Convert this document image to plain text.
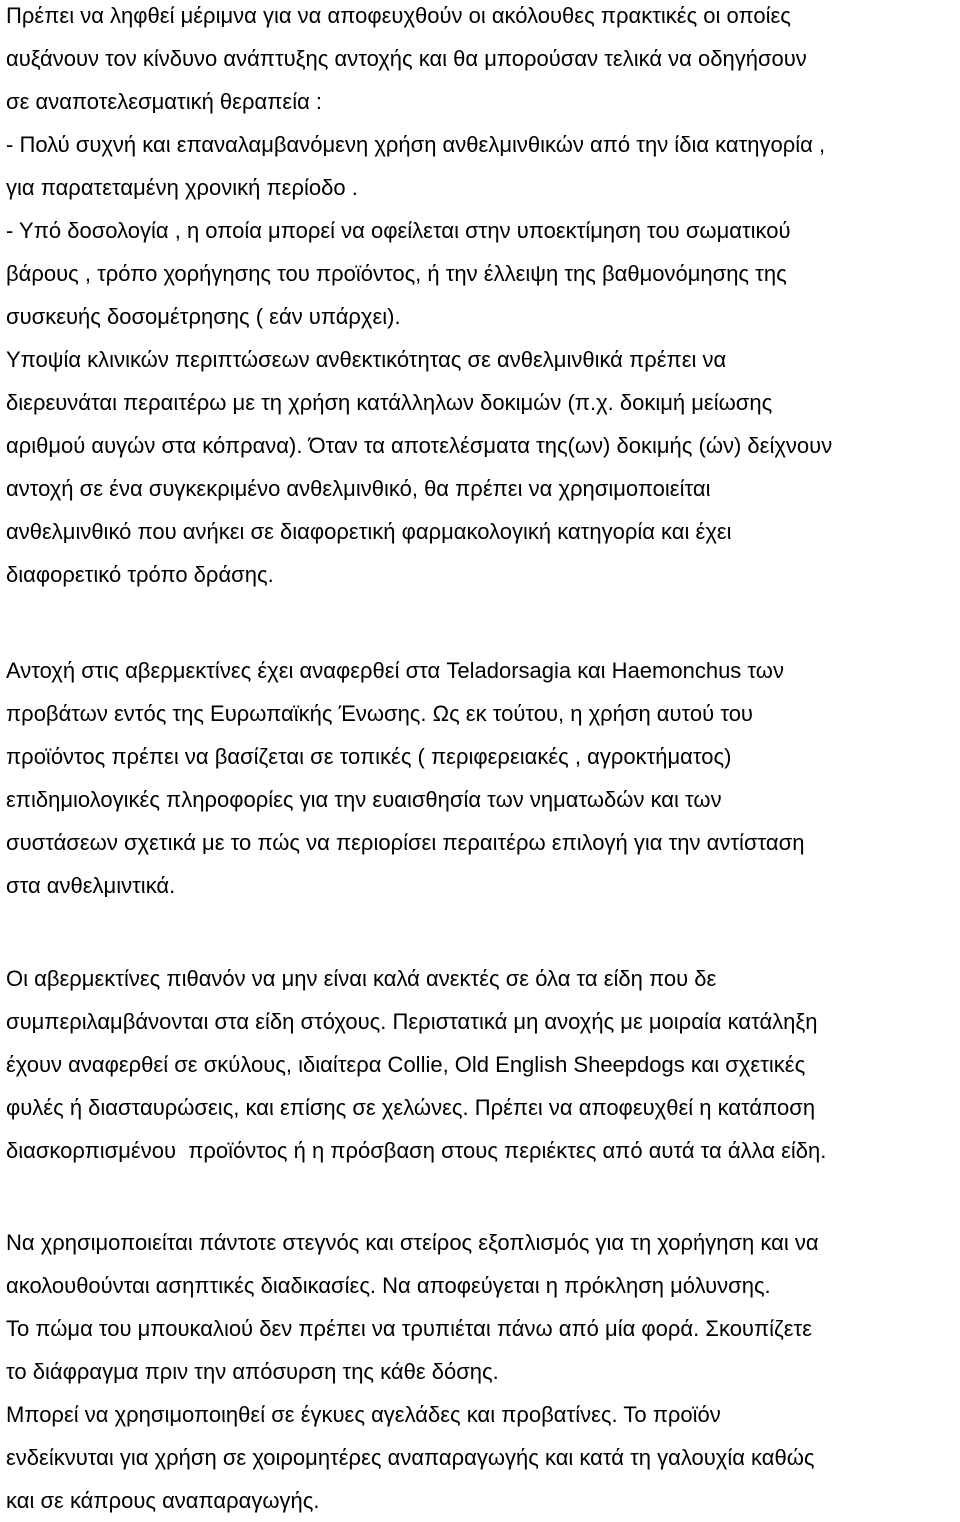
Πρέπει να ληφθεί μέριμνα για να αποφευχθούν οι ακόλουθες πρακτικές οι οποίες

αυξάνουν τον κίνδυνο ανάπτυξης αντοχής και θα μπορούσαν τελικά να οδηγήσουν

σε αναποτελεσματική θεραπεία :

- Πολύ συχνή και επαναλαμβανόμενη χρήση ανθελμινθικών από την ίδια κατηγορία ,

για παρατεταμένη χρονική περίοδο .

- Υπό δοσολογία , η οποία μπορεί να οφείλεται στην υποεκτίμηση του σωματικού

βάρους , τρόπο χορήγησης του προϊόντος, ή την έλλειψη της βαθμονόμησης της

συσκευής δοσομέτρησης ( εάν υπάρχει).

Υποψία κλινικών περιπτώσεων ανθεκτικότητας σε ανθελμινθικά πρέπει να

διερευνάται περαιτέρω με τη χρήση κατάλληλων δοκιμών (π.χ. δοκιμή μείωσης

αριθμού αυγών στα κόπρανα). Όταν τα αποτελέσματα της(ων) δοκιμής (ών) δείχνουν

αντοχή σε ένα συγκεκριμένο ανθελμινθικό, θα πρέπει να χρησιμοποιείται

ανθελμινθικό που ανήκει σε διαφορετική φαρμακολογική κατηγορία και έχει

διαφορετικό τρόπο δράσης.

Αντοχή στις αβερμεκτίνες έχει αναφερθεί στα Teladorsagia και Haemonchus των

προβάτων εντός της Ευρωπαϊκής Ένωσης. Ως εκ τούτου, η χρήση αυτού του

προϊόντος πρέπει να βασίζεται σε τοπικές ( περιφερειακές , αγροκτήματος)

επιδημιολογικές πληροφορίες για την ευαισθησία των νηματωδών και των

συστάσεων σχετικά με το πώς να περιορίσει περαιτέρω επιλογή για την αντίσταση

στα ανθελμιντικά.

Οι αβερμεκτίνες πιθανόν να μην είναι καλά ανεκτές σε όλα τα είδη που δε

συμπεριλαμβάνονται στα είδη στόχους. Περιστατικά μη ανοχής με μοιραία κατάληξη

έχουν αναφερθεί σε σκύλους, ιδιαίτερα Collie, Old English Sheepdogs και σχετικές

φυλές ή διασταυρώσεις, και επίσης σε χελώνες. Πρέπει να αποφευχθεί η κατάποση

διασκορπισμένου  προϊόντος ή η πρόσβαση στους περιέκτες από αυτά τα άλλα είδη.

Να χρησιμοποιείται πάντοτε στεγνός και στείρος εξοπλισμός για τη χορήγηση και να

ακολουθούνται ασηπτικές διαδικασίες. Να αποφεύγεται η πρόκληση μόλυνσης.

Το πώμα του μπουκαλιού δεν πρέπει να τρυπιέται πάνω από μία φορά. Σκουπίζετε

το διάφραγμα πριν την απόσυρση της κάθε δόσης.

Μπορεί να χρησιμοποιηθεί σε έγκυες αγελάδες και προβατίνες. Το προϊόν

ενδείκνυται για χρήση σε χοιρομητέρες αναπαραγωγής και κατά τη γαλουχία καθώς

και σε κάπρους αναπαραγωγής.
